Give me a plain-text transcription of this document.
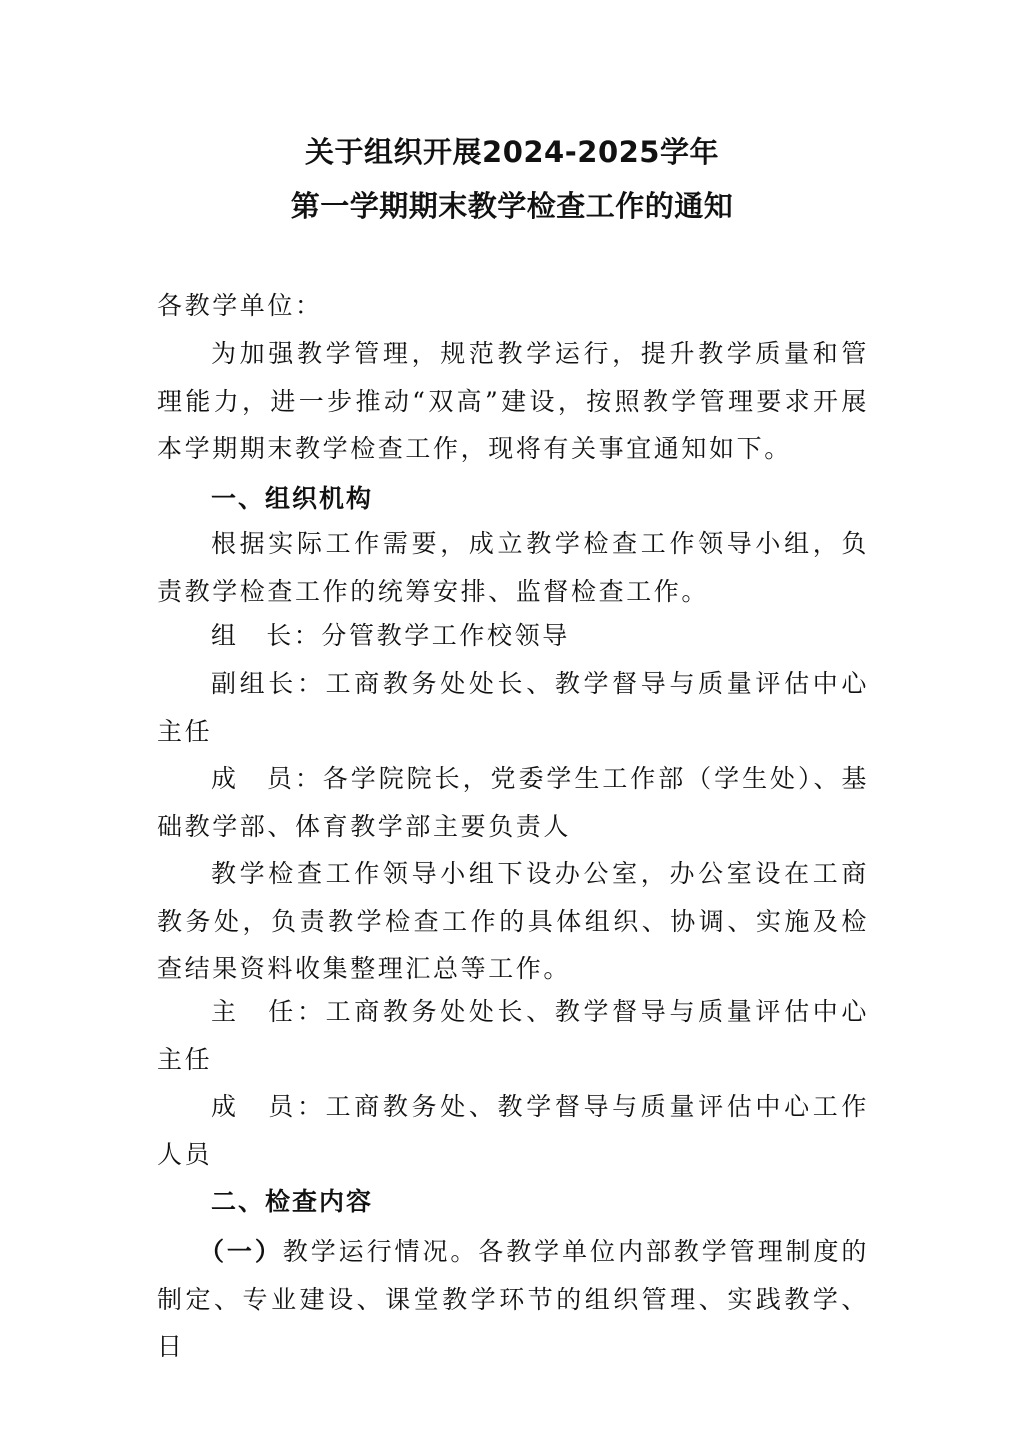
关于组织开展2024-2025学年
第一学期期末教学检查工作的通知

各教学单位：

为加强教学管理，规范教学运行，提升教学质量和管理能力，进一步推动“双高”建设，按照教学管理要求开展本学期期末教学检查工作，现将有关事宜通知如下。

一、组织机构

根据实际工作需要，成立教学检查工作领导小组，负责教学检查工作的统筹安排、监督检查工作。

组　长：分管教学工作校领导

副组长：工商教务处处长、教学督导与质量评估中心主任

成　员：各学院院长，党委学生工作部（学生处）、基础教学部、体育教学部主要负责人

教学检查工作领导小组下设办公室，办公室设在工商教务处，负责教学检查工作的具体组织、协调、实施及检查结果资料收集整理汇总等工作。

主　任：工商教务处处长、教学督导与质量评估中心主任

成　员：工商教务处、教学督导与质量评估中心工作人员

二、检查内容

（一）教学运行情况。各教学单位内部教学管理制度的制定、专业建设、课堂教学环节的组织管理、实践教学、日
